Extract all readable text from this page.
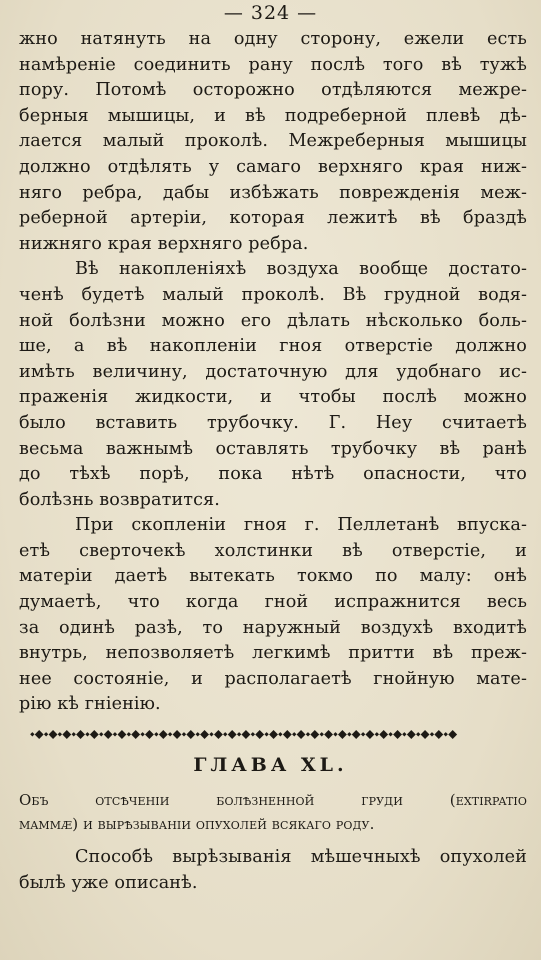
— 324 —
жно натянуть на одну сторону, ежели есть
намѣреніе соединить рану послѣ того вѣ тужѣ
пору. Потомѣ осторожно отдѣляются межре-
берныя мышицы, и вѣ подреберной плевѣ дѣ-
лается малый проколѣ. Межреберныя мышицы
должно отдѣлять у самаго верхняго края ниж-
няго ребра, дабы избѣжать поврежденія меж-
реберной артеріи, которая лежитѣ вѣ браздѣ
нижняго края верхняго ребра.
Вѣ накопленіяхѣ воздуха вообще достато-
ченѣ будетѣ малый проколѣ. Вѣ грудной водя-
ной болѣзни можно его дѣлать нѣсколько боль-
ше, а вѣ накопленіи гноя отверстіе должно
имѣть величину, достаточную для удобнаго ис-
праженія жидкости, и чтобы послѣ можно
было вставить трубочку. Г. Неу считаетѣ
весьма важнымѣ оставлять трубочку вѣ ранѣ
до тѣхѣ порѣ, пока нѣтѣ опасности, что
болѣзнь возвратится.
При скопленіи гноя г. Пеллетанѣ впуска-
етѣ сверточекѣ холстинки вѣ отверстіе, и
матеріи даетѣ вытекать токмо по малу: онѣ
думаетѣ, что когда гной испражнится весь
за одинѣ разѣ, то наружный воздухѣ входитѣ
внутрь, непозволяетѣ легкимѣ притти вѣ преж-
нее состояніе, и располагаетѣ гнойную мате-
рію кѣ гніенію.
⬩⬥⬩⬥⬩⬥⬩⬥⬩⬥⬩⬥⬩⬥⬩⬥⬩⬥⬩⬥⬩⬥⬩⬥⬩⬥⬩⬥⬩⬥⬩⬥⬩⬥⬩⬥⬩⬥⬩⬥⬩⬥⬩⬥⬩⬥⬩⬥⬩⬥⬩⬥⬩⬥⬩⬥⬩⬥⬩⬥⬩⬥
ГЛАВА XL.
Объ отсѣченіи болѣзненной груди (extirpatio
mammæ) и вырѣзываніи опухолей всякаго роду.
Способѣ вырѣзыванія мѣшечныхѣ опухолей
былѣ уже описанѣ.
